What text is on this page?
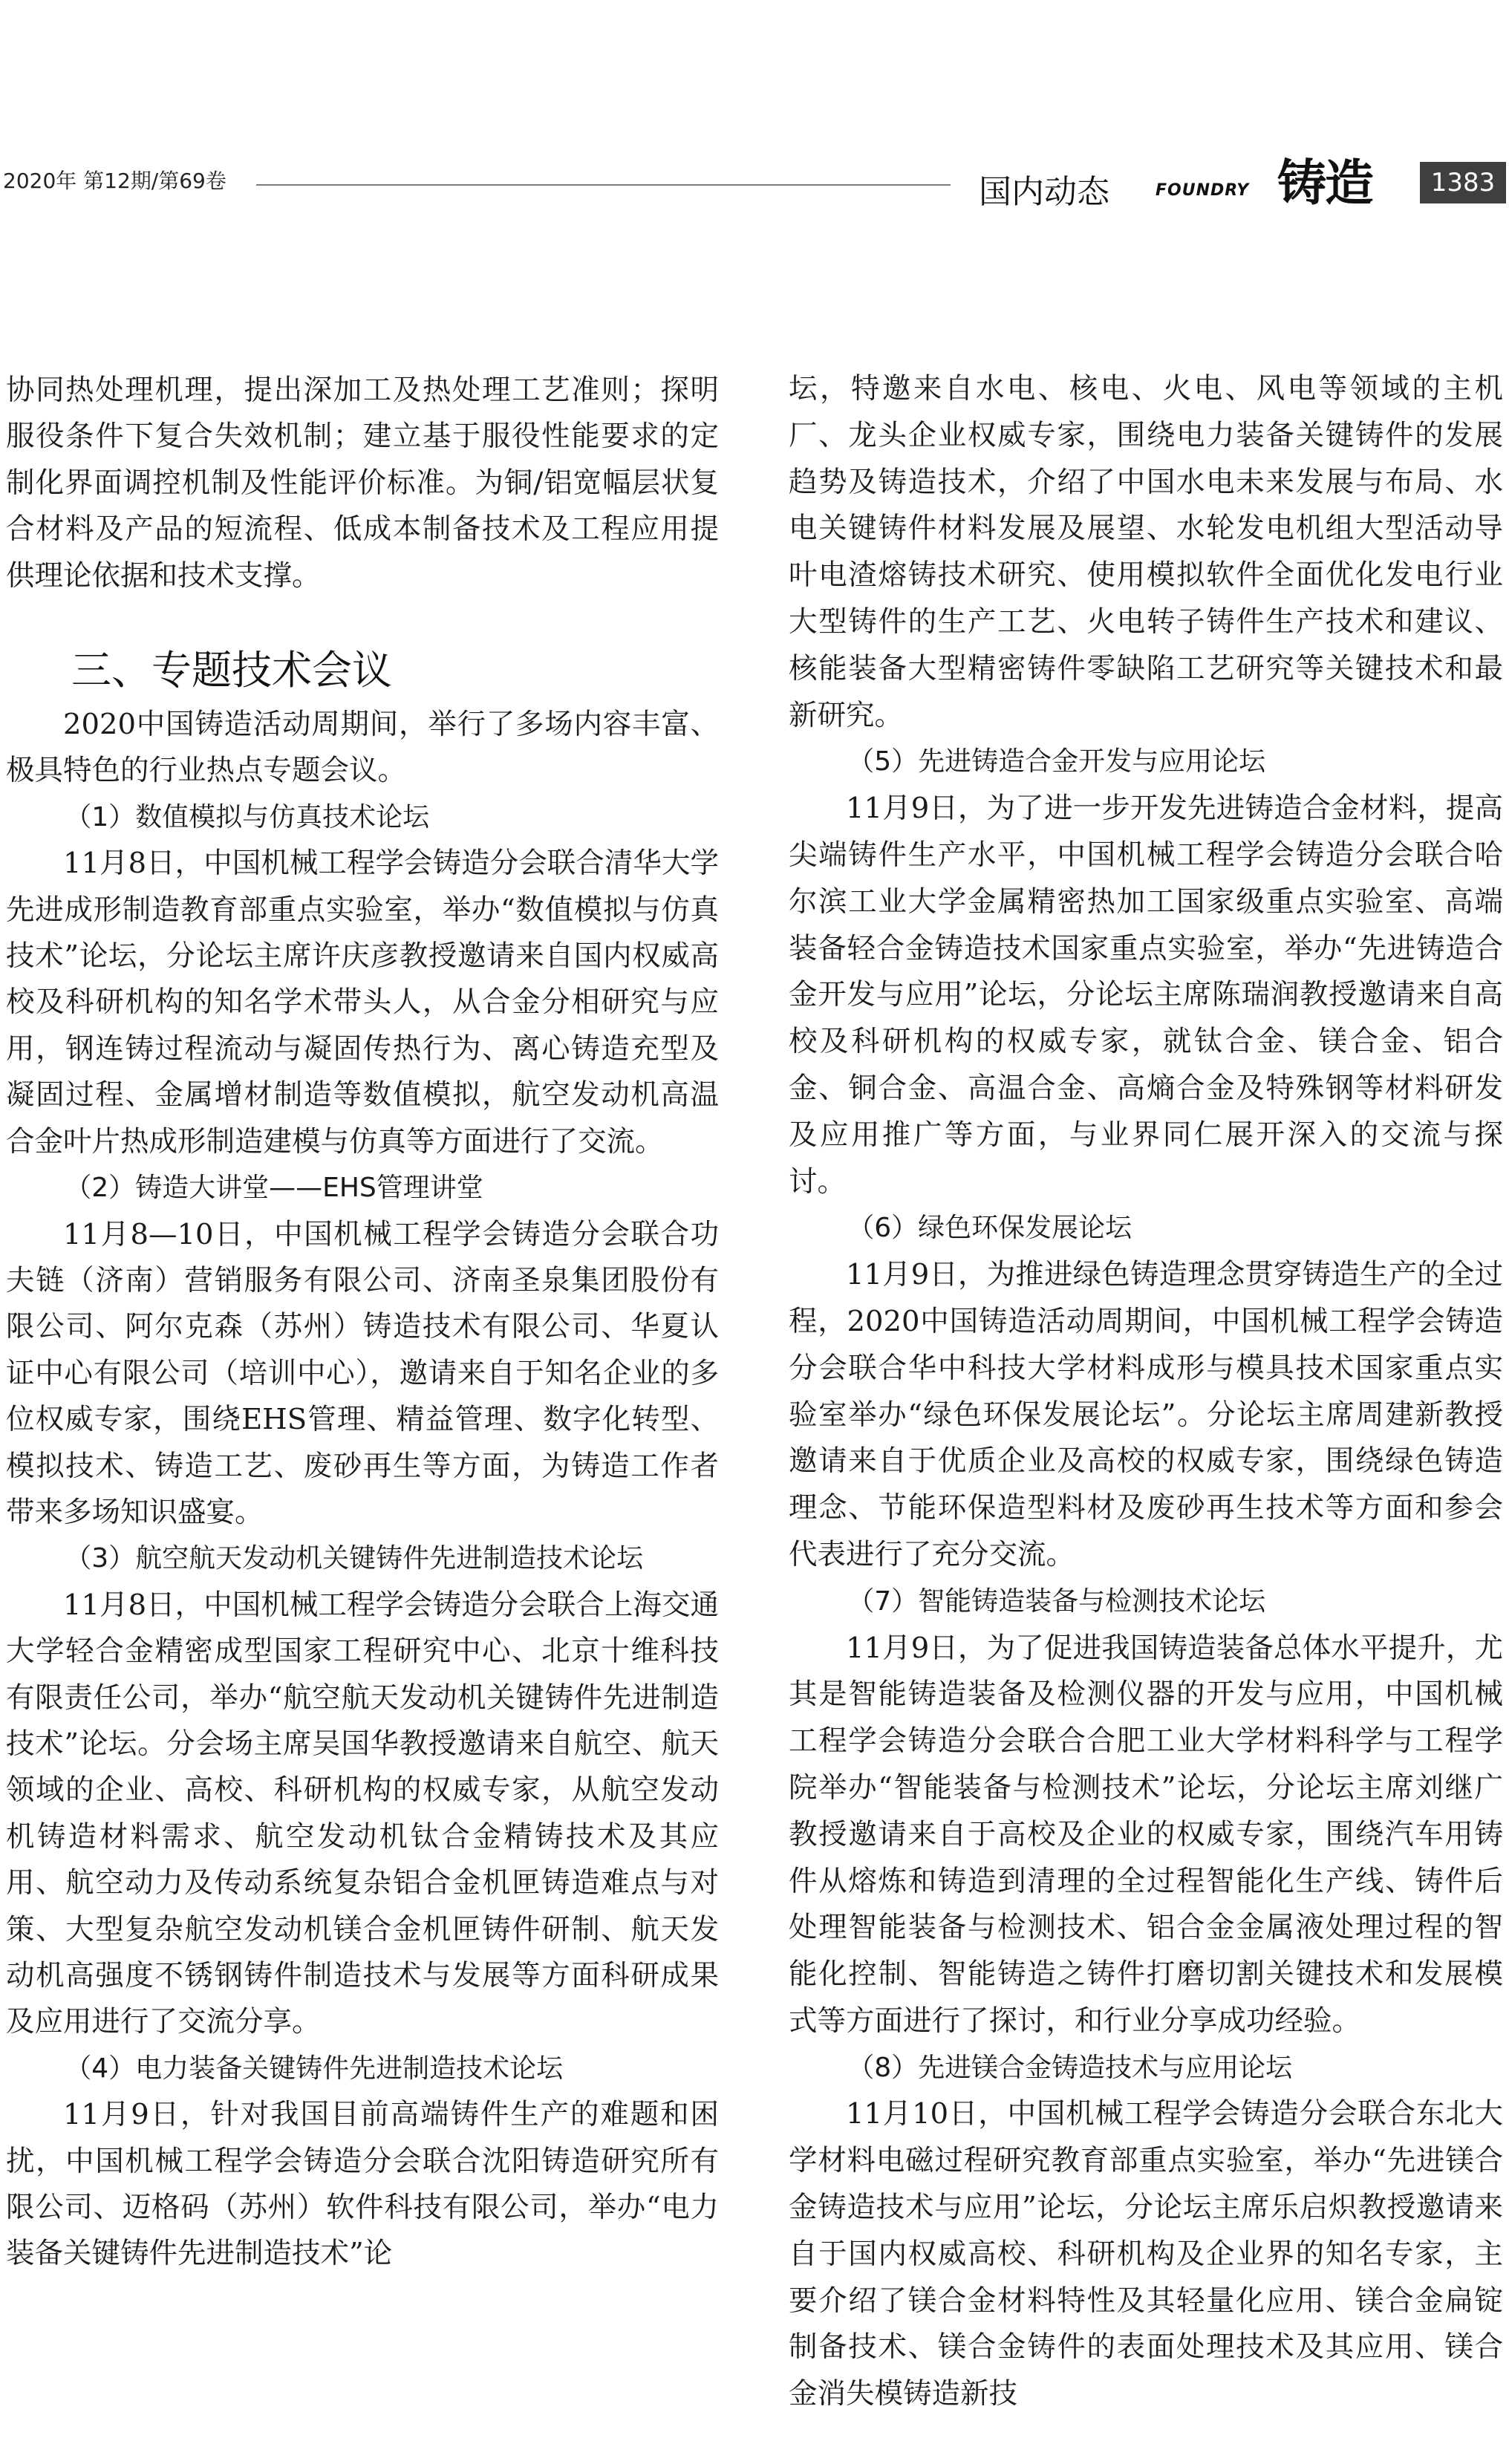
2020年 第12期/第69卷	国内动态	FOUNDRY 铸造	1383

协同热处理机理，提出深加工及热处理工艺准则；探明服役条件下复合失效机制；建立基于服役性能要求的定制化界面调控机制及性能评价标准。为铜/铝宽幅层状复合材料及产品的短流程、低成本制备技术及工程应用提供理论依据和技术支撑。

三、专题技术会议

2020中国铸造活动周期间，举行了多场内容丰富、极具特色的行业热点专题会议。

（1）数值模拟与仿真技术论坛

11月8日，中国机械工程学会铸造分会联合清华大学先进成形制造教育部重点实验室，举办“数值模拟与仿真技术”论坛，分论坛主席许庆彦教授邀请来自国内权威高校及科研机构的知名学术带头人，从合金分相研究与应用，钢连铸过程流动与凝固传热行为、离心铸造充型及凝固过程、金属增材制造等数值模拟，航空发动机高温合金叶片热成形制造建模与仿真等方面进行了交流。

（2）铸造大讲堂——EHS管理讲堂

11月8—10日，中国机械工程学会铸造分会联合功夫链（济南）营销服务有限公司、济南圣泉集团股份有限公司、阿尔克森（苏州）铸造技术有限公司、华夏认证中心有限公司（培训中心），邀请来自于知名企业的多位权威专家，围绕EHS管理、精益管理、数字化转型、模拟技术、铸造工艺、废砂再生等方面，为铸造工作者带来多场知识盛宴。

（3）航空航天发动机关键铸件先进制造技术论坛

11月8日，中国机械工程学会铸造分会联合上海交通大学轻合金精密成型国家工程研究中心、北京十维科技有限责任公司，举办“航空航天发动机关键铸件先进制造技术”论坛。分会场主席吴国华教授邀请来自航空、航天领域的企业、高校、科研机构的权威专家，从航空发动机铸造材料需求、航空发动机钛合金精铸技术及其应用、航空动力及传动系统复杂铝合金机匣铸造难点与对策、大型复杂航空发动机镁合金机匣铸件研制、航天发动机高强度不锈钢铸件制造技术与发展等方面科研成果及应用进行了交流分享。

（4）电力装备关键铸件先进制造技术论坛

11月9日，针对我国目前高端铸件生产的难题和困扰，中国机械工程学会铸造分会联合沈阳铸造研究所有限公司、迈格码（苏州）软件科技有限公司，举办“电力装备关键铸件先进制造技术”论

坛，特邀来自水电、核电、火电、风电等领域的主机厂、龙头企业权威专家，围绕电力装备关键铸件的发展趋势及铸造技术，介绍了中国水电未来发展与布局、水电关键铸件材料发展及展望、水轮发电机组大型活动导叶电渣熔铸技术研究、使用模拟软件全面优化发电行业大型铸件的生产工艺、火电转子铸件生产技术和建议、核能装备大型精密铸件零缺陷工艺研究等关键技术和最新研究。

（5）先进铸造合金开发与应用论坛

11月9日，为了进一步开发先进铸造合金材料，提高尖端铸件生产水平，中国机械工程学会铸造分会联合哈尔滨工业大学金属精密热加工国家级重点实验室、高端装备轻合金铸造技术国家重点实验室，举办“先进铸造合金开发与应用”论坛，分论坛主席陈瑞润教授邀请来自高校及科研机构的权威专家，就钛合金、镁合金、铝合金、铜合金、高温合金、高熵合金及特殊钢等材料研发及应用推广等方面，与业界同仁展开深入的交流与探讨。

（6）绿色环保发展论坛

11月9日，为推进绿色铸造理念贯穿铸造生产的全过程，2020中国铸造活动周期间，中国机械工程学会铸造分会联合华中科技大学材料成形与模具技术国家重点实验室举办“绿色环保发展论坛”。分论坛主席周建新教授邀请来自于优质企业及高校的权威专家，围绕绿色铸造理念、节能环保造型料材及废砂再生技术等方面和参会代表进行了充分交流。

（7）智能铸造装备与检测技术论坛

11月9日，为了促进我国铸造装备总体水平提升，尤其是智能铸造装备及检测仪器的开发与应用，中国机械工程学会铸造分会联合合肥工业大学材料科学与工程学院举办“智能装备与检测技术”论坛，分论坛主席刘继广教授邀请来自于高校及企业的权威专家，围绕汽车用铸件从熔炼和铸造到清理的全过程智能化生产线、铸件后处理智能装备与检测技术、铝合金金属液处理过程的智能化控制、智能铸造之铸件打磨切割关键技术和发展模式等方面进行了探讨，和行业分享成功经验。

（8）先进镁合金铸造技术与应用论坛

11月10日，中国机械工程学会铸造分会联合东北大学材料电磁过程研究教育部重点实验室，举办“先进镁合金铸造技术与应用”论坛，分论坛主席乐启炽教授邀请来自于国内权威高校、科研机构及企业界的知名专家，主要介绍了镁合金材料特性及其轻量化应用、镁合金扁锭制备技术、镁合金铸件的表面处理技术及其应用、镁合金消失模铸造新技
